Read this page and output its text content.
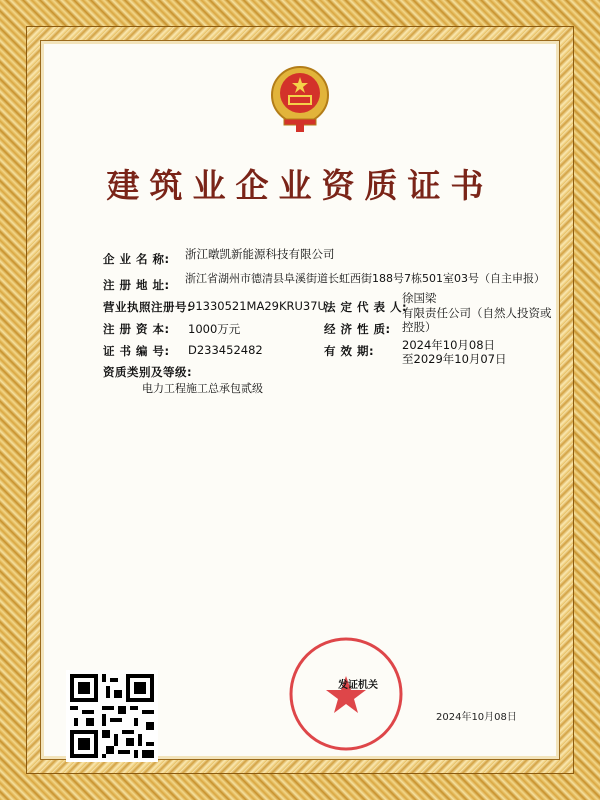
建筑业企业资质证书
企 业 名 称: 浙江暾凯新能源科技有限公司
注 册 地 址: 浙江省湖州市德清县阜溪街道长虹西街188号7栋501室03号（自主申报）
营业执照注册号:
91330521MA29KRU37U
法 定 代 表 人:
徐国梁
注 册 资 本: 1000万元	经 济 性 质:
有限责任公司（自然人投资或控股）
证 书 编 号: D233452482	有 效 期: 2024年10月08日
至2029年10月07日
资质类别及等级:
电力工程施工总承包贰级
发证机关
2024年10月08日
